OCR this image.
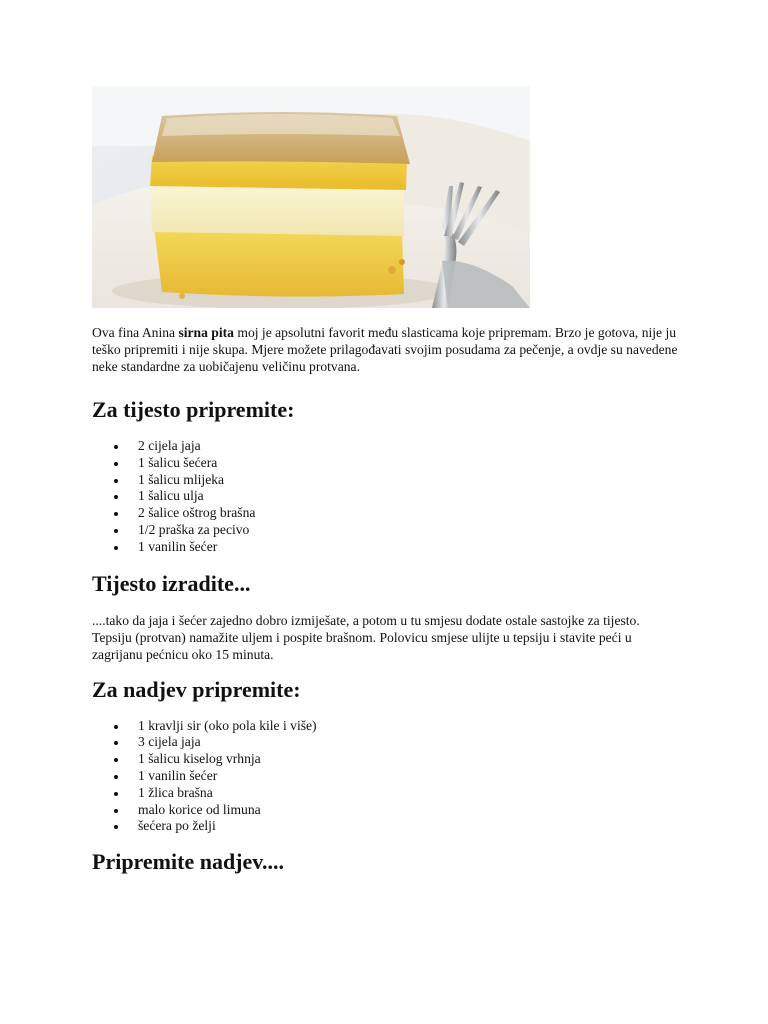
Ova fina Anina sirna pita moj je apsolutni favorit među slasticama koje pripremam. Brzo je gotova, nije ju teško pripremiti i nije skupa. Mjere možete prilagođavati svojim posudama za pečenje, a ovdje su navedene neke standardne za uobičajenu veličinu protvana.

Za tijesto pripremite:
2 cijela jaja
1 šalicu šećera
1 šalicu mlijeka
1 šalicu ulja
2 šalice oštrog brašna
1/2 praška za pecivo
1 vanilin šećer
Tijesto izradite...

....tako da jaja i šećer zajedno dobro izmiješate, a potom u tu smjesu dodate ostale sastojke za tijesto. Tepsiju (protvan) namažite uljem i pospite brašnom. Polovicu smjese ulijte u tepsiju i stavite peći u zagrijanu pećnicu oko 15 minuta.

Za nadjev pripremite:
1 kravlji sir (oko pola kile i više)
3 cijela jaja
1 šalicu kiselog vrhnja
1 vanilin šećer
1 žlica brašna
malo korice od limuna
šećera po želji
Pripremite nadjev....
